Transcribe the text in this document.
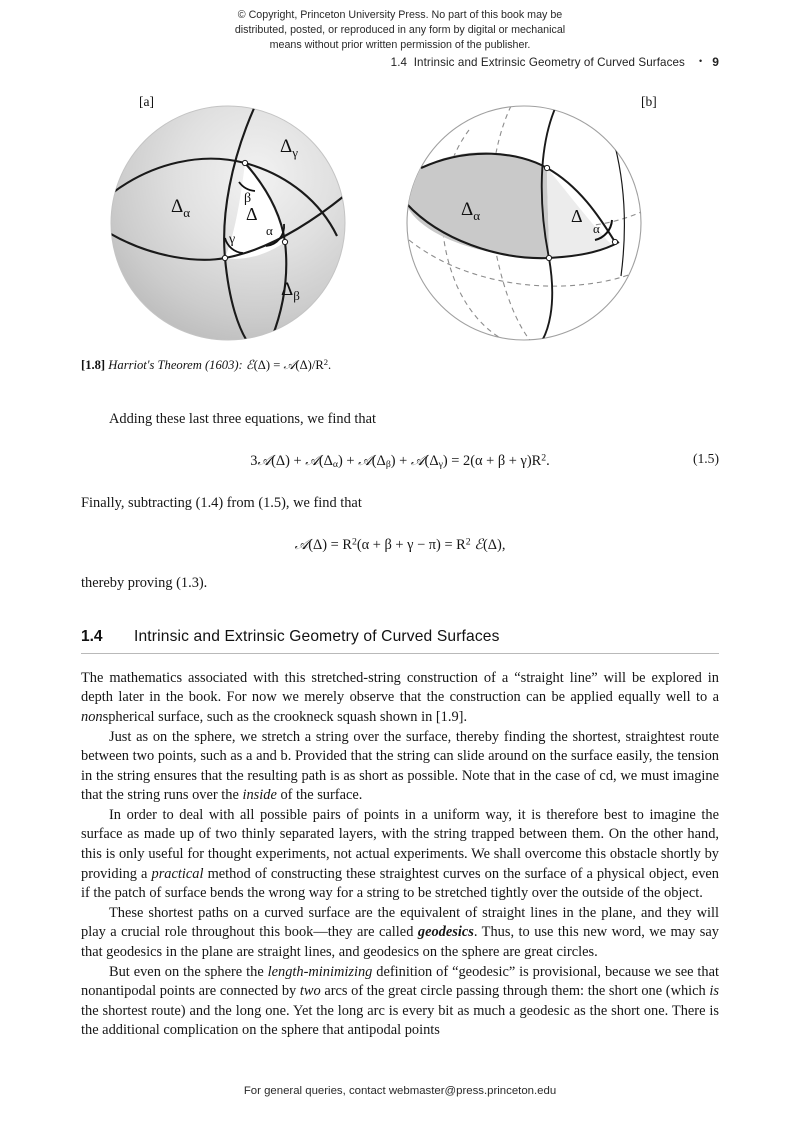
© Copyright, Princeton University Press. No part of this book may be
distributed, posted, or reproduced in any form by digital or mechanical
means without prior written permission of the publisher.
1.4 Intrinsic and Extrinsic Geometry of Curved Surfaces • 9
$\Delta_\alpha$
$\Delta_\gamma$
$\Delta_\beta$
Δ
β
γ
α
[a]
$\Delta_\alpha$	Δ
α
[b]
[1.8] Harriot's Theorem (1603): ℰ(Δ) = $𝒜(\Delta)/R^2$.

Adding these last three equations, we find that

3𝒜(Δ) + $𝒜(\Delta_\alpha)$ + $𝒜(\Delta_\beta)$ + $𝒜(\Delta_\gamma) = 2(\alpha + \beta + \gamma)R^2$.	(1.5)

Finally, subtracting (1.4) from (1.5), we find that

𝒜(Δ) = $R^2(\alpha + \beta + \gamma - \pi) = R^2$ ℰ(Δ),

thereby proving (1.3).

1.4	Intrinsic and Extrinsic Geometry of Curved Surfaces

The mathematics associated with this stretched-string construction of a “straight line” will be explored in depth later in the book. For now we merely observe that the construction can be applied equally well to a nonspherical surface, such as the crookneck squash shown in [1.9].

Just as on the sphere, we stretch a string over the surface, thereby finding the shortest, straightest route between two points, such as a and b. Provided that the string can slide around on the surface easily, the tension in the string ensures that the resulting path is as short as possible. Note that in the case of cd, we must imagine that the string runs over the inside of the surface.

In order to deal with all possible pairs of points in a uniform way, it is therefore best to imagine the surface as made up of two thinly separated layers, with the string trapped between them. On the other hand, this is only useful for thought experiments, not actual experiments. We shall overcome this obstacle shortly by providing a practical method of constructing these straightest curves on the surface of a physical object, even if the patch of surface bends the wrong way for a string to be stretched tightly over the outside of the object.

These shortest paths on a curved surface are the equivalent of straight lines in the plane, and they will play a crucial role throughout this book—they are called geodesics. Thus, to use this new word, we may say that geodesics in the plane are straight lines, and geodesics on the sphere are great circles.

But even on the sphere the length-minimizing definition of “geodesic” is provisional, because we see that nonantipodal points are connected by two arcs of the great circle passing through them: the short one (which is the shortest route) and the long one. Yet the long arc is every bit as much a geodesic as the short one. There is the additional complication on the sphere that antipodal points

For general queries, contact webmaster@press.princeton.edu
